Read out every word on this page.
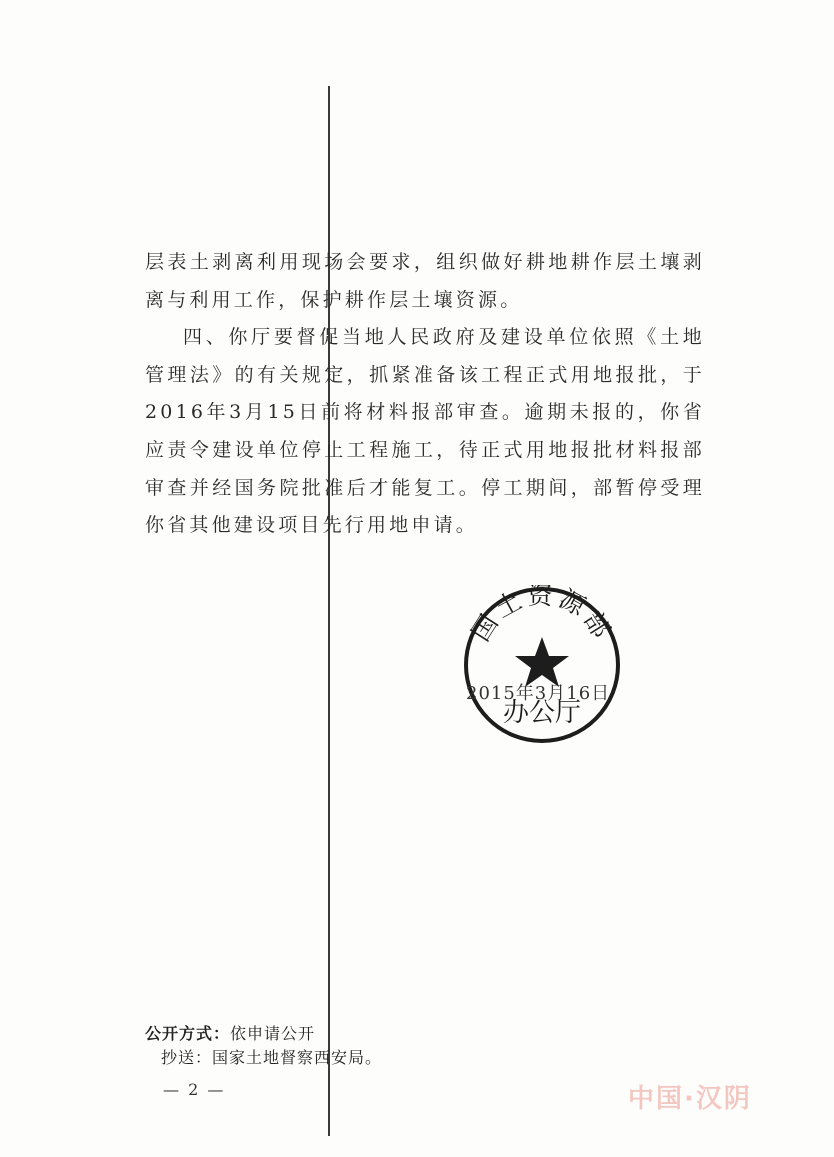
层表土剥离利用现场会要求，组织做好耕地耕作层土壤剥离与利用工作，保护耕作层土壤资源。

四、你厅要督促当地人民政府及建设单位依照《土地管理法》的有关规定，抓紧准备该工程正式用地报批，于2016年3月15日前将材料报部审查。逾期未报的，你省应责令建设单位停止工程施工，待正式用地报批材料报部审查并经国务院批准后才能复工。停工期间，部暂停受理你省其他建设项目先行用地申请。

国土资源部
办公厅
2015年3月16日
公开方式：依申请公开
抄送：国家土地督察西安局。
— 2 —	中国·汉阴
